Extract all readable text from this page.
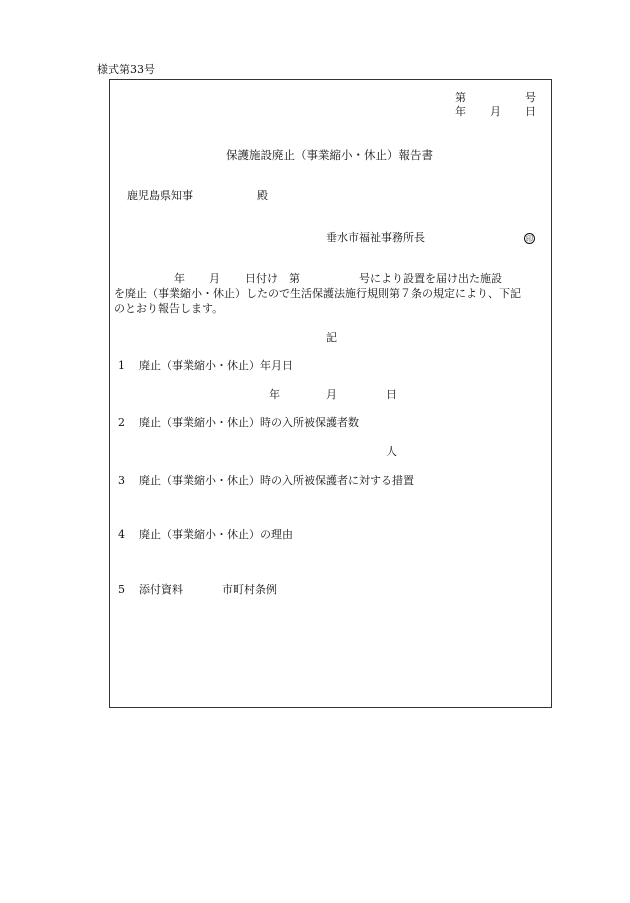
様式第33号
第	号
年 月 日
保護施設廃止（事業縮小・休止）報告書
鹿児島県知事	殿
垂水市福祉事務所長	印
年 月 日付け 第	号により設置を届け出た施設
を廃止（事業縮小・休止）したので生活保護法施行規則第７条の規定により、下記
のとおり報告します。
記
1 廃止（事業縮小・休止）年月日
年	月	日
2 廃止（事業縮小・休止）時の入所被保護者数
人
3 廃止（事業縮小・休止）時の入所被保護者に対する措置
4 廃止（事業縮小・休止）の理由
5 添付資料	市町村条例
